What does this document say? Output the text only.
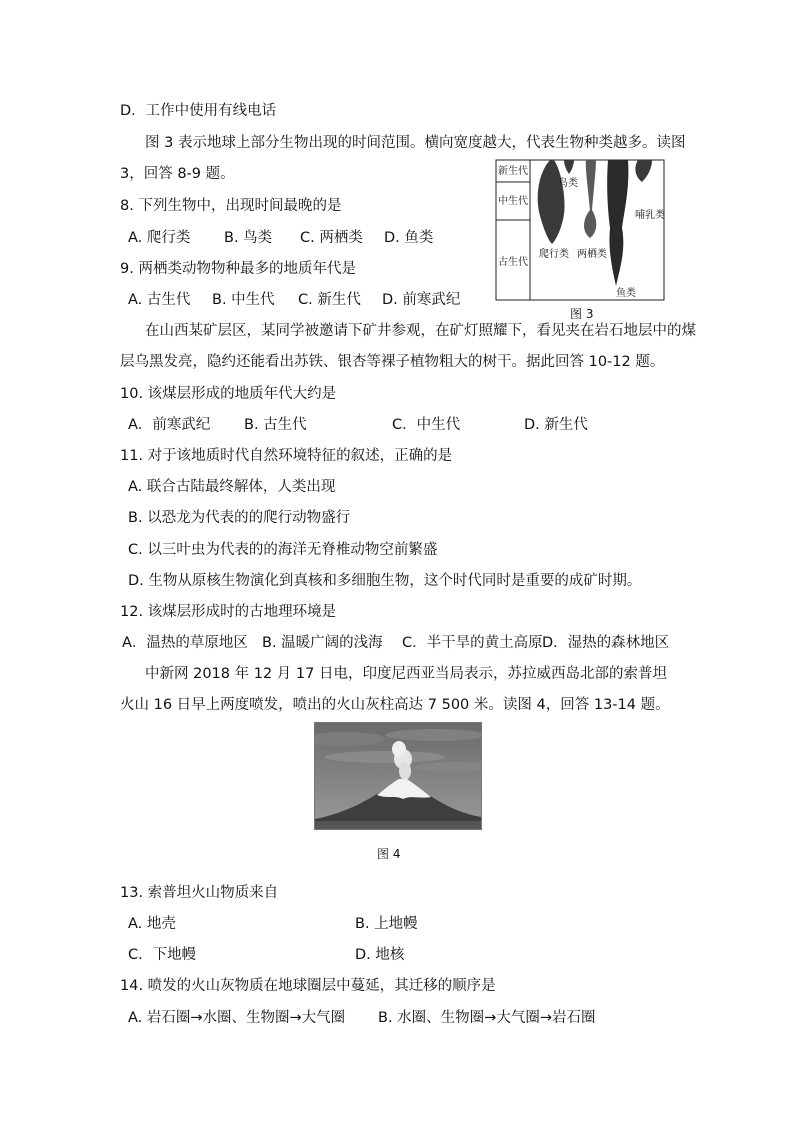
D．工作中使用有线电话
图 3 表示地球上部分生物出现的时间范围。横向宽度越大，代表生物种类越多。读图
3，回答 8-9 题。
8. 下列生物中，出现时间最晚的是
A. 爬行类 B. 鸟类 C. 两栖类 D. 鱼类
9. 两栖类动物物种最多的地质年代是
A. 古生代 B. 中生代 C. 新生代 D. 前寒武纪
新生代
中生代
古生代
鸟类
哺乳类
爬行类 两栖类
鱼类
图 3
在山西某矿层区，某同学被邀请下矿井参观，在矿灯照耀下，看见夹在岩石地层中的煤
层乌黑发亮，隐约还能看出苏铁、银杏等裸子植物粗大的树干。据此回答 10-12 题。
10. 该煤层形成的地质年代大约是
A．前寒武纪 B. 古生代	C．中生代	D. 新生代
11. 对于该地质时代自然环境特征的叙述，正确的是
A. 联合古陆最终解体，人类出现
B. 以恐龙为代表的的爬行动物盛行
C. 以三叶虫为代表的的海洋无脊椎动物空前繁盛
D. 生物从原核生物演化到真核和多细胞生物，这个时代同时是重要的成矿时期。
12. 该煤层形成时的古地理环境是
A．温热的草原地区 B. 温暖广阔的浅海 C．半干旱的黄土高原 D．湿热的森林地区
中新网 2018 年 12 月 17 日电，印度尼西亚当局表示，苏拉威西岛北部的索普坦
火山 16 日早上两度喷发，喷出的火山灰柱高达 7 500 米。读图 4，回答 13-14 题。
图 4
13. 索普坦火山物质来自
A. 地壳	B. 上地幔
C．下地幔	D. 地核
14. 喷发的火山灰物质在地球圈层中蔓延，其迁移的顺序是
A. 岩石圈→水圈、生物圈→大气圈 B. 水圈、生物圈→大气圈→岩石圈
